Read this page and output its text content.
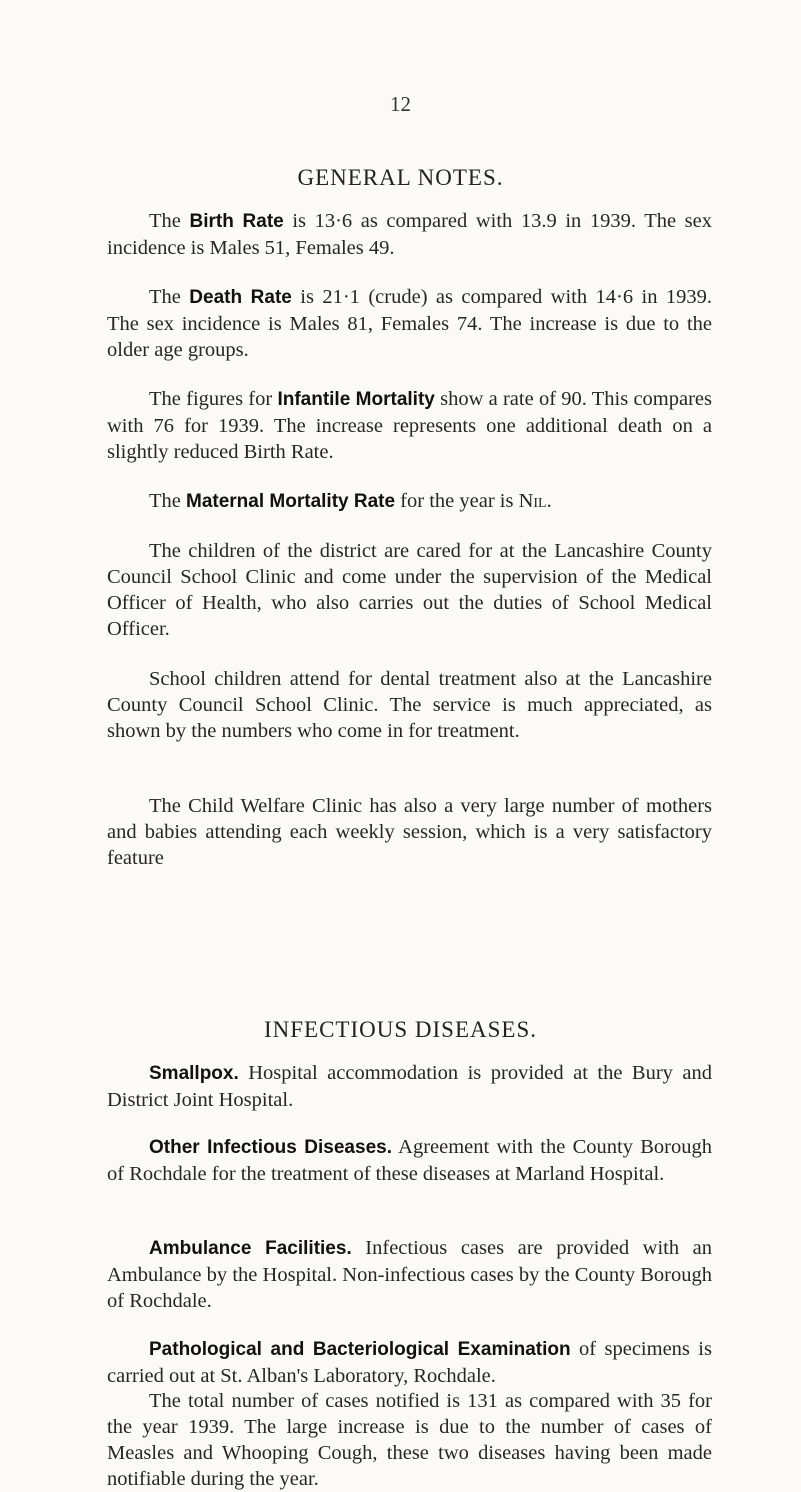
12
GENERAL NOTES.

The Birth Rate is 13·6 as compared with 13.9 in 1939. The sex incidence is Males 51, Females 49.

The Death Rate is 21·1 (crude) as compared with 14·6 in 1939. The sex incidence is Males 81, Females 74. The increase is due to the older age groups.

The figures for Infantile Mortality show a rate of 90. This compares with 76 for 1939. The increase represents one additional death on a slightly reduced Birth Rate.

The Maternal Mortality Rate for the year is Nil.

The children of the district are cared for at the Lancashire County Council School Clinic and come under the supervision of the Medical Officer of Health, who also carries out the duties of School Medical Officer.

School children attend for dental treatment also at the Lancashire County Council School Clinic. The service is much appreciated, as shown by the numbers who come in for treatment.

The Child Welfare Clinic has also a very large number of mothers and babies attending each weekly session, which is a very satisfactory feature

INFECTIOUS DISEASES.

Smallpox. Hospital accommodation is provided at the Bury and District Joint Hospital.

Other Infectious Diseases. Agreement with the County Borough of Rochdale for the treatment of these diseases at Marland Hospital.

Ambulance Facilities. Infectious cases are provided with an Ambulance by the Hospital. Non-infectious cases by the County Borough of Rochdale.

Pathological and Bacteriological Examination of specimens is carried out at St. Alban's Laboratory, Rochdale.

The total number of cases notified is 131 as compared with 35 for the year 1939. The large increase is due to the number of cases of Measles and Whooping Cough, these two diseases having been made notifiable during the year.
